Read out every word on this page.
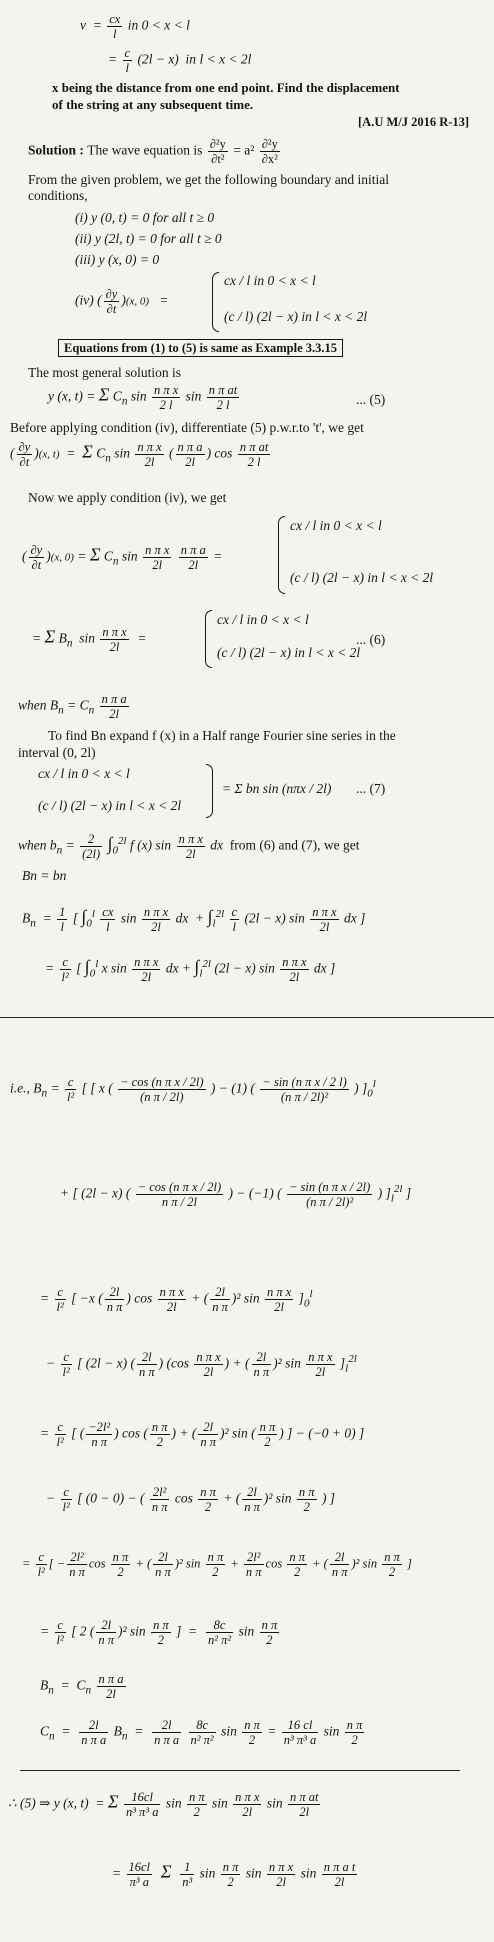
$v = \frac{cx}{l}$ in 0 < x < l
= $\frac{c}{l} (2l - x)$  in l < x < 2l
x being the distance from one end point. Find the displacement
of the string at any subsequent time.
[A.U M/J 2016 R-13]
Solution : The wave equation is $\frac{\text{∂²y}}{\text{∂t²}} = a^2 \frac{\text{∂²y}}{\text{∂x²}}$
From the given problem, we get the following boundary and initial
conditions,
(i) y (0, t) = 0 for all t ≥ 0
(ii) y (2l, t) = 0 for all t ≥ 0
(iii) y (x, 0) = 0
(iv) ( $\frac{\partial y}{\partial t} )(x$, 0)   =
cx / l in 0 < x < l
(c / l) (2l − x) in l < x < 2l
Equations from (1) to (5) is same as Example 3.3.15
The most general solution is
y (x, t) = Σ $C_n$ $\sin \frac{\text{n π x}}{2 l}$ $\sin \frac{\text{n π at}}{2 l}$	... (5)
Before applying condition (iv), differentiate (5) p.w.r.to 't', we get
( $\frac{\partial y}{\partial t} )(x$, t)  =  Σ $C_n$ $\sin \frac{\text{n π x}}{2l}$ ( $\frac{\text{n π a}}{2l}$ ) $\cos \frac{\text{n π at}}{2 l}$
Now we apply condition (iv), we get
( $\frac{\partial y}{\partial t} )(x$, 0) = Σ $C_n$ $\sin \frac{\text{n π x}}{2l}$
$\frac{\text{n π a}}{2l}$ =
cx / l in 0 < x < l
(c / l) (2l − x) in l < x < 2l
= Σ $B_n$  $\sin \frac{\text{n π x}}{2l}$ =
cx / l in 0 < x < l
(c / l) (2l − x) in l < x < 2l
... (6)
when $B_n = C_n \frac{\text{n π a}}{2l}$
To find Bn expand f (x) in a Half range Fourier sine series in the
interval (0, 2l)
cx / l in 0 < x < l
(c / l) (2l − x) in l < x < 2l
= Σ bn sin (nπx / 2l) ... (7)
when $b_n = \frac{2}{(2l)} \int_0^{2l}$ f (x) $\sin \frac{\text{n π x}}{2l}$ dx  from (6) and (7), we get
Bn = bn
$B_n = \frac{1}{l}$ [ $\int_0^l \frac{cx}{l}$ $\sin \frac{\text{n π x}}{2l}$ dx  + $\int_l^{2l} \frac{c}{l} (2l - x)$ $\sin \frac{\text{n π x}}{2l}$ dx ]
= $\frac{c}{\text{l²}}$ [ $\int_0^l$ x $\sin \frac{\text{n π x}}{2l}$ dx + $\int_l^{2l}$ (2l − x) $\sin \frac{\text{n π x}}{2l}$ dx ]
i.e., $B_n = \frac{c}{\text{l²}}$ [ [ x ( $\frac{\text{− cos (n π x / 2l)}}{\text{(n π / 2l)}}$ ) − (1) ( $\frac{\text{− sin (n π x / 2 l)}}{\text{(n π / 2l)²}}$ ) ]$_0^l$
+ [ (2l − x) ( $\frac{\text{− cos (n π x / 2l)}}{\text{n π / 2l}}$ ) − (−1) ( $\frac{\text{− sin (n π x / 2l)}}{\text{(n π / 2l)²}}$ ) ]$_l^{2l}$ ]
= $\frac{c}{\text{l²}}$ [ −x ( $\frac{2l}{\text{n π}}$ ) $\cos \frac{\text{n π x}}{2l}$ + ( $\frac{2l}{\text{n π}} )^2$ $\sin \frac{\text{n π x}}{2l} ]_0^l$
− $\frac{c}{\text{l²}}$ [ (2l − x) ( $\frac{2l}{\text{n π}}$ ) ($\cos \frac{\text{n π x}}{2l}$ ) + ( $\frac{2l}{\text{n π}} )^2$ $\sin \frac{\text{n π x}}{2l} ]_l^{2l}$
= $\frac{c}{\text{l²}}$ [ ( $\frac{\text{−2l²}}{\text{n π}}$ ) cos ( $\frac{\text{n π}}{2}$ ) + ( $\frac{2l}{\text{n π}} )^2$ sin ( $\frac{\text{n π}}{2}$ ) ] − (−0 + 0) ]
− $\frac{c}{\text{l²}}$ [ (0 − 0) − ( $\frac{\text{2l²}}{\text{n π}}$ $\cos \frac{\text{n π}}{2}$ + ( $\frac{2l}{\text{n π}} )^2$ $\sin \frac{\text{n π}}{2}$ ) ]
= $\frac{c}{\text{l²}}$ [ − $\frac{\text{2l²}}{\text{n π}}$ $\cos \frac{\text{n π}}{2}$ + ( $\frac{2l}{\text{n π}} )^2$ $\sin \frac{\text{n π}}{2} + \frac{\text{2l²}}{\text{n π}}$ $\cos \frac{\text{n π}}{2}$ + ( $\frac{2l}{\text{n π}} )^2$ $\sin \frac{\text{n π}}{2}$ ]
= $\frac{c}{\text{l²}}$ [ 2 ( $\frac{2l}{\text{n π}} )^2$ $\sin \frac{\text{n π}}{2}$ ]  = $\frac{8c}{\text{n² π²}}$ $\sin \frac{\text{n π}}{2}$
$B_n = C_n \frac{\text{n π a}}{2l}$
$C_n = \frac{2l}{\text{n π a}} B_n = \frac{2l}{\text{n π a}}$
$\frac{8c}{\text{n² π²}}$ $\sin \frac{\text{n π}}{2} = \frac{16 cl}{\text{n³ π³ a}}$ $\sin \frac{\text{n π}}{2}$
∴ (5) ⇒ y (x, t)  = Σ $\frac{16cl}{\text{n³ π³ a}}$ $\sin \frac{\text{n π}}{2}$ $\sin \frac{\text{n π x}}{2l}$ $\sin \frac{\text{n π at}}{2l}$
= $\frac{16cl}{\text{π³ a}}$ Σ $\frac{1}{\text{n³}}$ $\sin \frac{\text{n π}}{2}$ $\sin \frac{\text{n π x}}{2l}$ $\sin \frac{\text{n π a t}}{2l}$
